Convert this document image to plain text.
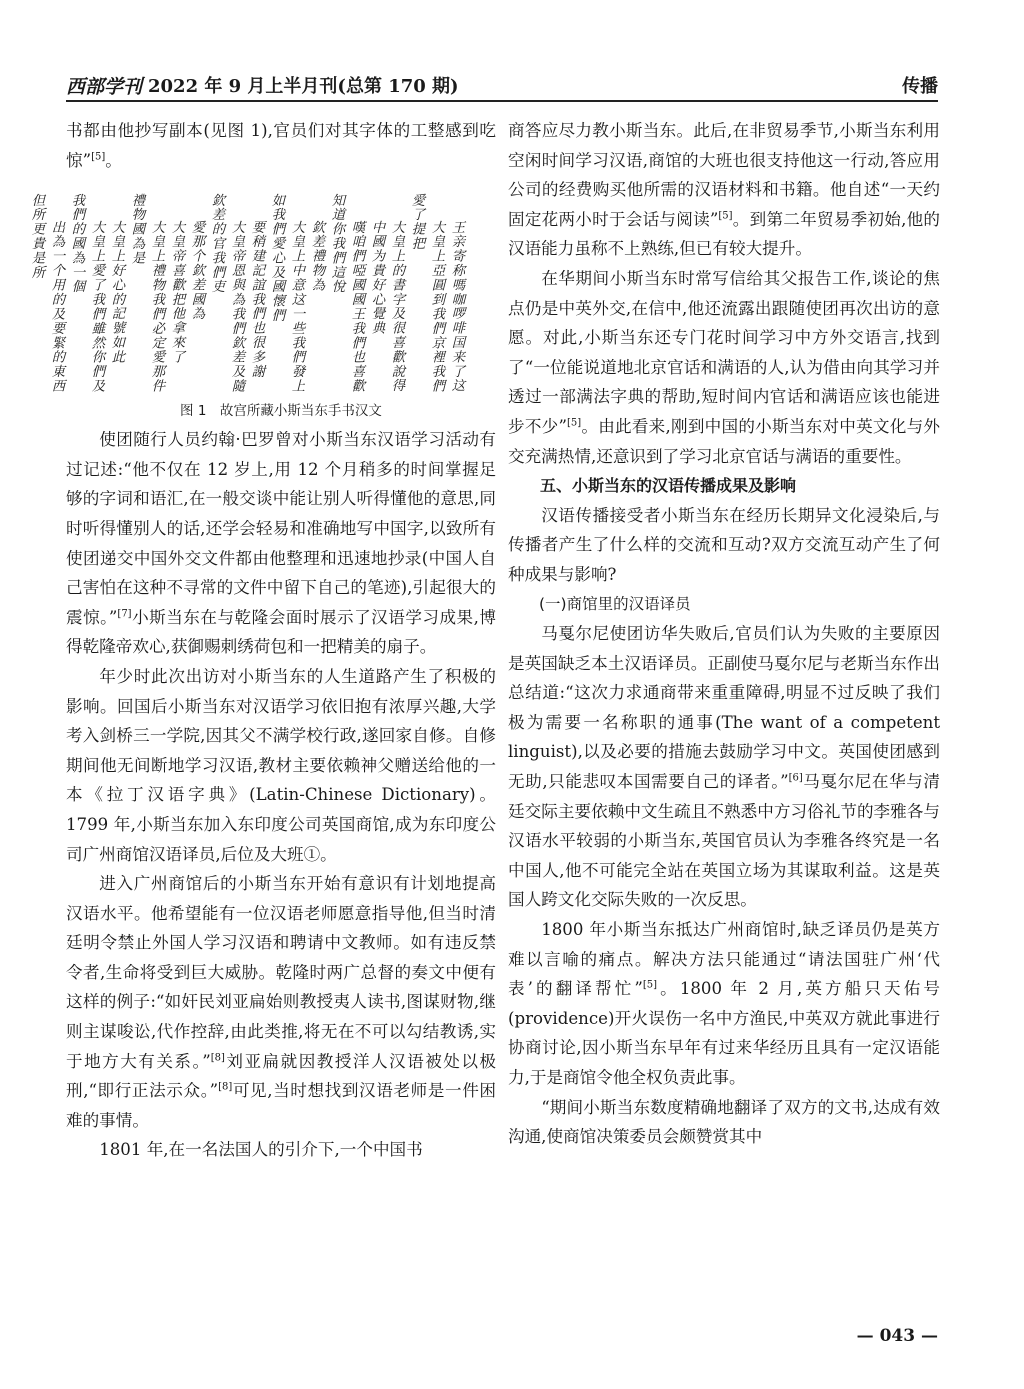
西部学刊 2022 年 9 月上半月刊(总第 170 期)	传播

书都由他抄写副本(见图 1),官员们对其字体的工整感到吃惊”[5]。

王亲寄称嗎咖啰啡国来了这

大皇上亞圓到我們京裡我們愛了提把

大皇上的書字及很喜歡說得

中國为貴好心覺典

嘆咱們啞國國王我們也喜歡知道你我們這悅

欽差禮物為

大皇上中意这一些我們發上如我們愛心及國懷們

要稍建記誼我們也很多謝

大皇帝恩與為我們欽差及隨欽差的官我們吏

愛那个欽差國為

大皇帝喜歡把他拿來了

大皇上禮物我們必定愛那件禮物國為是

大皇上好心的記號如此

大皇上愛了我們雖然你們及我們的國為一個

出為一个用的及要緊的東西但所更貴是所

图 1　故宫所藏小斯当东手书汉文

使团随行人员约翰·巴罗曾对小斯当东汉语学习活动有过记述:“他不仅在 12 岁上,用 12 个月稍多的时间掌握足够的字词和语汇,在一般交谈中能让别人听得懂他的意思,同时听得懂别人的话,还学会轻易和准确地写中国字,以致所有使团递交中国外交文件都由他整理和迅速地抄录(中国人自己害怕在这种不寻常的文件中留下自己的笔迹),引起很大的震惊。”[7]小斯当东在与乾隆会面时展示了汉语学习成果,博得乾隆帝欢心,获御赐刺绣荷包和一把精美的扇子。

年少时此次出访对小斯当东的人生道路产生了积极的影响。回国后小斯当东对汉语学习依旧抱有浓厚兴趣,大学考入剑桥三一学院,因其父不满学校行政,遂回家自修。自修期间他无间断地学习汉语,教材主要依赖神父赠送给他的一本《拉丁汉语字典》(Latin-Chinese Dictionary)。1799 年,小斯当东加入东印度公司英国商馆,成为东印度公司广州商馆汉语译员,后位及大班①。

进入广州商馆后的小斯当东开始有意识有计划地提高汉语水平。他希望能有一位汉语老师愿意指导他,但当时清廷明令禁止外国人学习汉语和聘请中文教师。如有违反禁令者,生命将受到巨大威胁。乾隆时两广总督的奏文中便有这样的例子:“如奸民刘亚扁始则教授夷人读书,图谋财物,继则主谋唆讼,代作控辞,由此类推,将无在不可以勾结教诱,实于地方大有关系。”[8]刘亚扁就因教授洋人汉语被处以极刑,“即行正法示众。”[8]可见,当时想找到汉语老师是一件困难的事情。

1801 年,在一名法国人的引介下,一个中国书

商答应尽力教小斯当东。此后,在非贸易季节,小斯当东利用空闲时间学习汉语,商馆的大班也很支持他这一行动,答应用公司的经费购买他所需的汉语材料和书籍。他自述“一天约固定花两小时于会话与阅读”[5]。到第二年贸易季初始,他的汉语能力虽称不上熟练,但已有较大提升。

在华期间小斯当东时常写信给其父报告工作,谈论的焦点仍是中英外交,在信中,他还流露出跟随使团再次出访的意愿。对此,小斯当东还专门花时间学习中方外交语言,找到了“一位能说道地北京官话和满语的人,认为借由向其学习并透过一部满法字典的帮助,短时间内官话和满语应该也能进步不少”[5]。由此看来,刚到中国的小斯当东对中英文化与外交充满热情,还意识到了学习北京官话与满语的重要性。

五、小斯当东的汉语传播成果及影响

汉语传播接受者小斯当东在经历长期异文化浸染后,与传播者产生了什么样的交流和互动?双方交流互动产生了何种成果与影响?

(一)商馆里的汉语译员

马戛尔尼使团访华失败后,官员们认为失败的主要原因是英国缺乏本土汉语译员。正副使马戛尔尼与老斯当东作出总结道:“这次力求通商带来重重障碍,明显不过反映了我们极为需要一名称职的通事(The want of a competent linguist),以及必要的措施去鼓励学习中文。英国使团感到无助,只能悲叹本国需要自己的译者。”[6]马戛尔尼在华与清廷交际主要依赖中文生疏且不熟悉中方习俗礼节的李雅各与汉语水平较弱的小斯当东,英国官员认为李雅各终究是一名中国人,他不可能完全站在英国立场为其谋取利益。这是英国人跨文化交际失败的一次反思。

1800 年小斯当东抵达广州商馆时,缺乏译员仍是英方难以言喻的痛点。解决方法只能通过“请法国驻广州‘代表’的翻译帮忙”[5]。1800 年 2 月,英方船只天佑号(providence)开火误伤一名中方渔民,中英双方就此事进行协商讨论,因小斯当东早年有过来华经历且具有一定汉语能力,于是商馆令他全权负责此事。

“期间小斯当东数度精确地翻译了双方的文书,达成有效沟通,使商馆决策委员会颇赞赏其中

— 043 —
